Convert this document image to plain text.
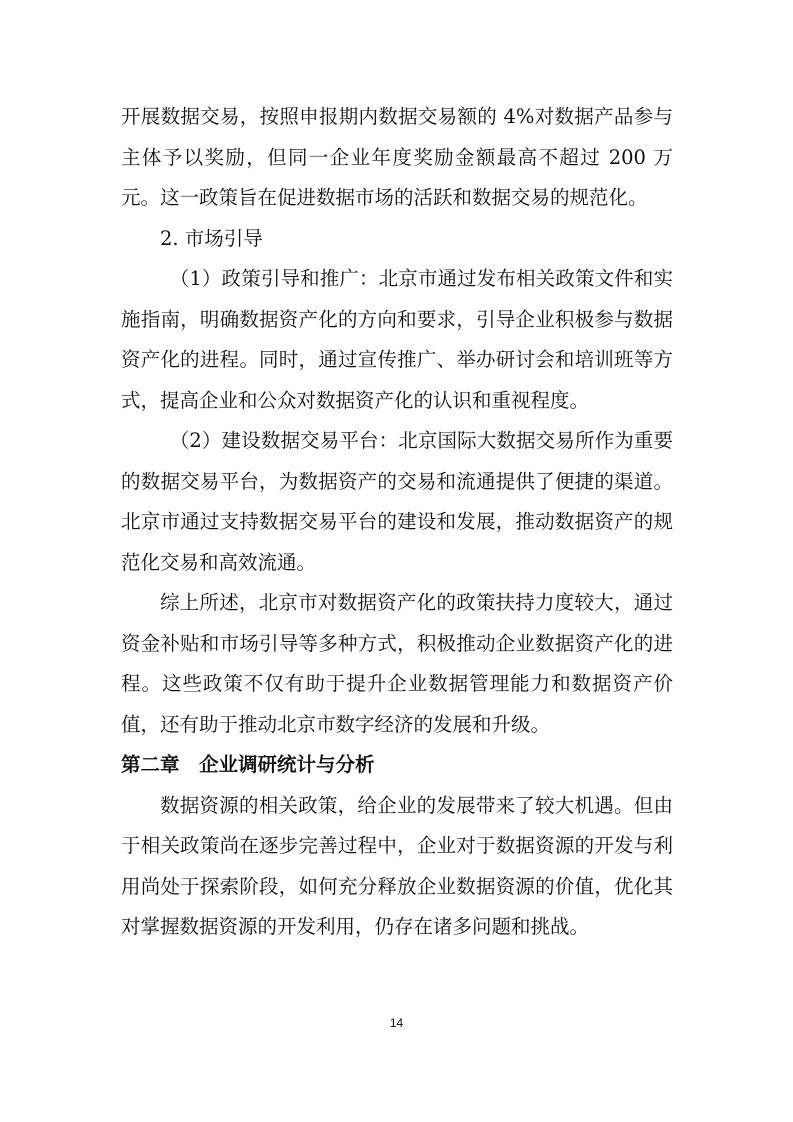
开展数据交易，按照申报期内数据交易额的 4%对数据产品参与主体予以奖励，但同一企业年度奖励金额最高不超过 200 万元。这一政策旨在促进数据市场的活跃和数据交易的规范化。

2. 市场引导

（1）政策引导和推广：北京市通过发布相关政策文件和实施指南，明确数据资产化的方向和要求，引导企业积极参与数据资产化的进程。同时，通过宣传推广、举办研讨会和培训班等方式，提高企业和公众对数据资产化的认识和重视程度。

（2）建设数据交易平台：北京国际大数据交易所作为重要的数据交易平台，为数据资产的交易和流通提供了便捷的渠道。北京市通过支持数据交易平台的建设和发展，推动数据资产的规范化交易和高效流通。

综上所述，北京市对数据资产化的政策扶持力度较大，通过资金补贴和市场引导等多种方式，积极推动企业数据资产化的进程。这些政策不仅有助于提升企业数据管理能力和数据资产价值，还有助于推动北京市数字经济的发展和升级。

第二章　企业调研统计与分析

数据资源的相关政策，给企业的发展带来了较大机遇。但由于相关政策尚在逐步完善过程中，企业对于数据资源的开发与利用尚处于探索阶段，如何充分释放企业数据资源的价值，优化其对掌握数据资源的开发利用，仍存在诸多问题和挑战。

14
